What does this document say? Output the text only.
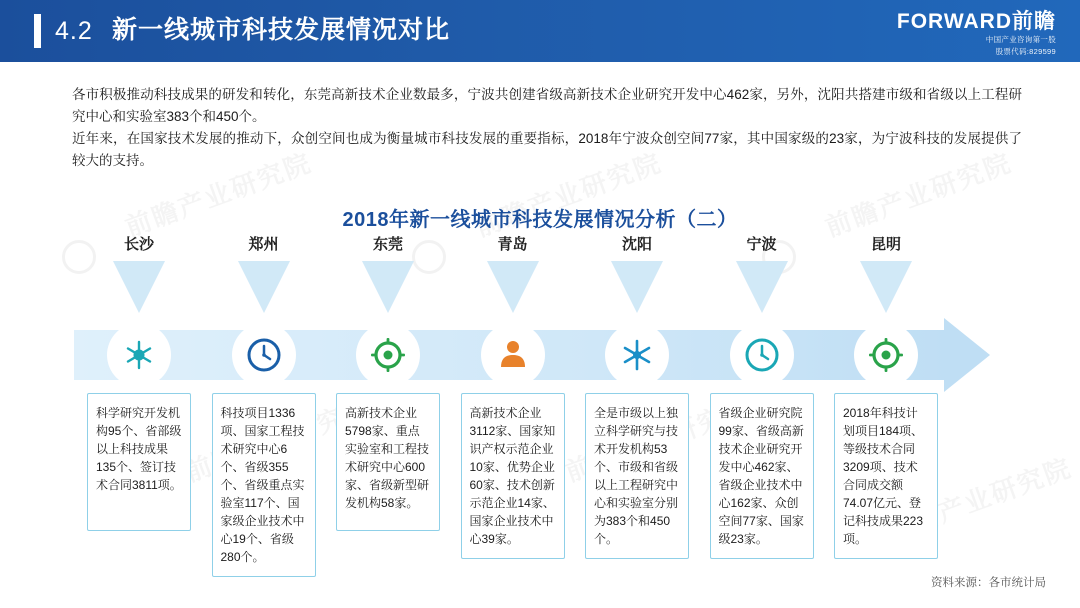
4.2 新一线城市科技发展情况对比	FORWARD前瞻
中国产业咨询第一股
股票代码:829599
各市积极推动科技成果的研发和转化，东莞高新技术企业数最多，宁波共创建省级高新技术企业研究开发中心462家，另外，沈阳共搭建市级和省级以上工程研究中心和实验室383个和450个。
近年来，在国家技术发展的推动下，众创空间也成为衡量城市科技发展的重要指标，2018年宁波众创空间77家，其中国家级的23家，为宁波科技的发展提供了较大的支持。
2018年新一线城市科技发展情况分析（二）
长沙
科学研究开发机构95个、省部级以上科技成果135个、签订技术合同3811项。
郑州
科技项目1336项、国家工程技术研究中心6个、省级355个、省级重点实验室117个、国家级企业技术中心19个、省级280个。
东莞
高新技术企业5798家、重点实验室和工程技术研究中心600家、省级新型研发机构58家。
青岛
高新技术企业3112家、国家知识产权示范企业10家、优势企业60家、技术创新示范企业14家、国家企业技术中心39家。
沈阳
全是市级以上独立科学研究与技术开发机构53个、市级和省级以上工程研究中心和实验室分别为383个和450个。
宁波
省级企业研究院99家、省级高新技术企业研究开发中心462家、省级企业技术中心162家、众创空间77家、国家级23家。
昆明
2018年科技计划项目184项、等级技术合同3209项、技术合同成交额74.07亿元、登记科技成果223项。
资料来源：各市统计局
